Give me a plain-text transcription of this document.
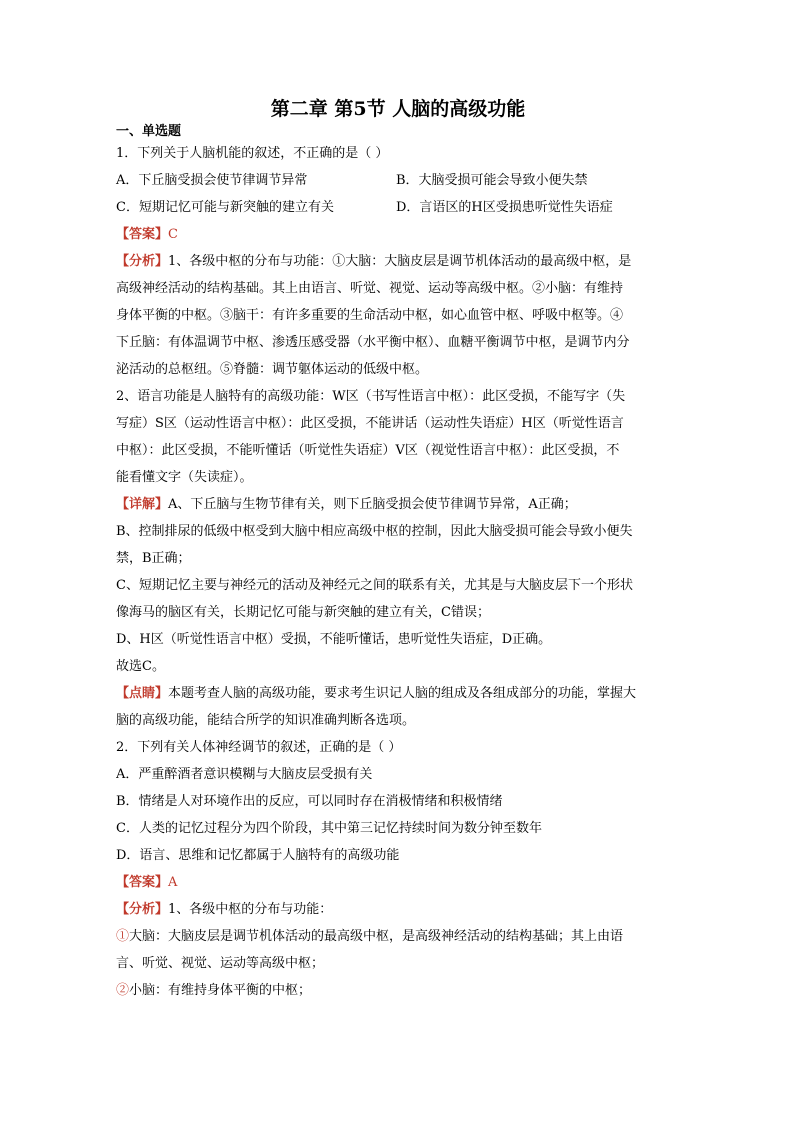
第二章 第5节 人脑的高级功能
一、单选题
1．下列关于人脑机能的叙述，不正确的是（ ）
A．下丘脑受损会使节律调节异常	B．大脑受损可能会导致小便失禁
C．短期记忆可能与新突触的建立有关	D．言语区的H区受损患听觉性失语症
【答案】C
【分析】1、各级中枢的分布与功能：①大脑：大脑皮层是调节机体活动的最高级中枢，是
高级神经活动的结构基础。其上由语言、听觉、视觉、运动等高级中枢。②小脑：有维持
身体平衡的中枢。③脑干：有许多重要的生命活动中枢，如心血管中枢、呼吸中枢等。④
下丘脑：有体温调节中枢、渗透压感受器（水平衡中枢）、血糖平衡调节中枢，是调节内分
泌活动的总枢纽。⑤脊髓：调节躯体运动的低级中枢。
2、语言功能是人脑特有的高级功能：W区（书写性语言中枢）：此区受损，不能写字（失
写症）S区（运动性语言中枢）：此区受损，不能讲话（运动性失语症）H区（听觉性语言
中枢）：此区受损，不能听懂话（听觉性失语症）V区（视觉性语言中枢）：此区受损，不
能看懂文字（失读症）。
【详解】A、下丘脑与生物节律有关，则下丘脑受损会使节律调节异常，A正确；
B、控制排尿的低级中枢受到大脑中相应高级中枢的控制，因此大脑受损可能会导致小便失
禁，B正确；
C、短期记忆主要与神经元的活动及神经元之间的联系有关，尤其是与大脑皮层下一个形状
像海马的脑区有关，长期记忆可能与新突触的建立有关，C错误；
D、H区（听觉性语言中枢）受损，不能听懂话，患听觉性失语症，D正确。
故选C。
【点睛】本题考查人脑的高级功能，要求考生识记人脑的组成及各组成部分的功能，掌握大
脑的高级功能，能结合所学的知识准确判断各选项。
2．下列有关人体神经调节的叙述，正确的是（ ）
A．严重醉酒者意识模糊与大脑皮层受损有关
B．情绪是人对环境作出的反应，可以同时存在消极情绪和积极情绪
C．人类的记忆过程分为四个阶段，其中第三记忆持续时间为数分钟至数年
D．语言、思维和记忆都属于人脑特有的高级功能
【答案】A
【分析】1、各级中枢的分布与功能：
①大脑：大脑皮层是调节机体活动的最高级中枢，是高级神经活动的结构基础；其上由语
言、听觉、视觉、运动等高级中枢；
②小脑：有维持身体平衡的中枢；
